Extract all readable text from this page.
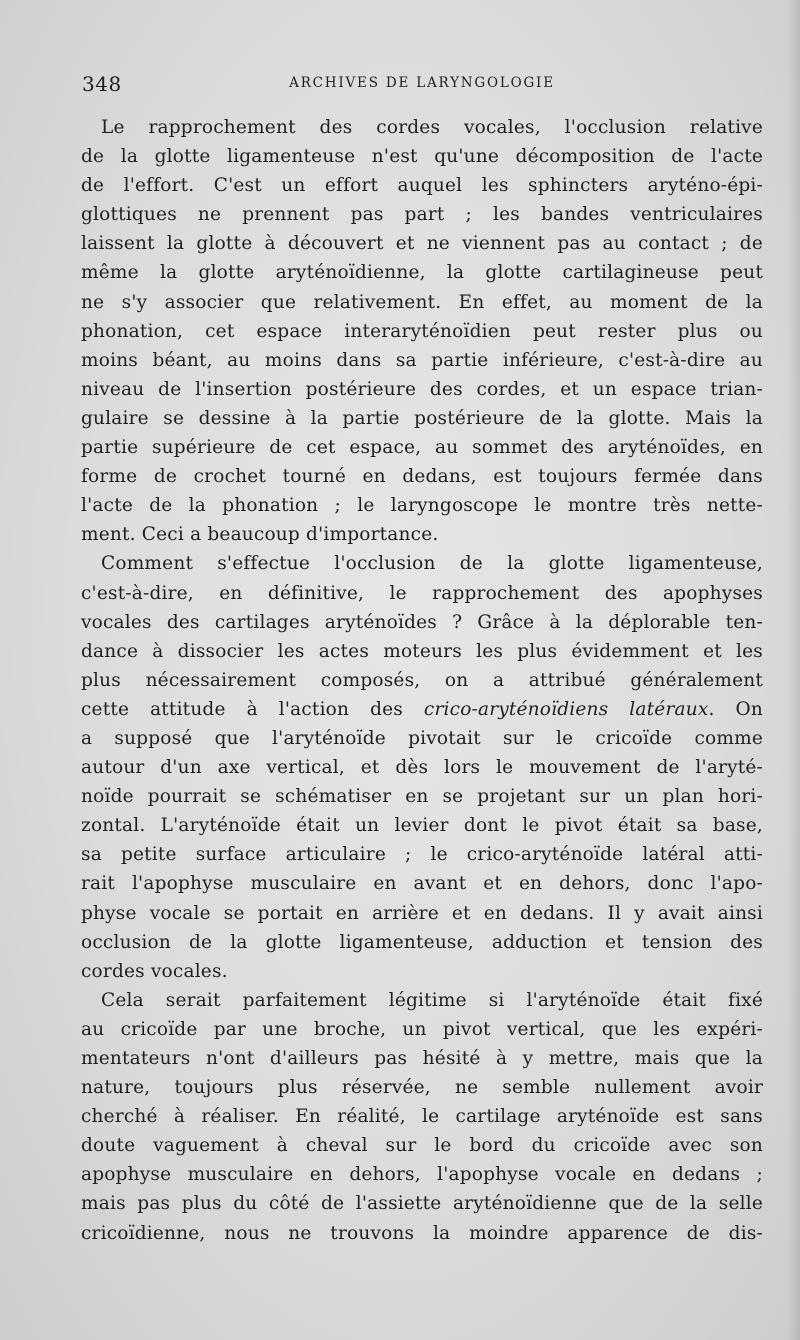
348	ARCHIVES DE LARYNGOLOGIE
Le rapprochement des cordes vocales, l'occlusion relative
de la glotte ligamenteuse n'est qu'une décomposition de l'acte
de l'effort. C'est un effort auquel les sphincters aryténo-épi-
glottiques ne prennent pas part ; les bandes ventriculaires
laissent la glotte à découvert et ne viennent pas au contact ; de
même la glotte aryténoïdienne, la glotte cartilagineuse peut
ne s'y associer que relativement. En effet, au moment de la
phonation, cet espace interaryténoïdien peut rester plus ou
moins béant, au moins dans sa partie inférieure, c'est-à-dire au
niveau de l'insertion postérieure des cordes, et un espace trian-
gulaire se dessine à la partie postérieure de la glotte. Mais la
partie supérieure de cet espace, au sommet des aryténoïdes, en
forme de crochet tourné en dedans, est toujours fermée dans
l'acte de la phonation ; le laryngoscope le montre très nette-
ment. Ceci a beaucoup d'importance.
Comment s'effectue l'occlusion de la glotte ligamenteuse,
c'est-à-dire, en définitive, le rapprochement des apophyses
vocales des cartilages aryténoïdes ? Grâce à la déplorable ten-
dance à dissocier les actes moteurs les plus évidemment et les
plus nécessairement composés, on a attribué généralement
cette attitude à l'action des crico-aryténoïdiens latéraux. On
a supposé que l'aryténoïde pivotait sur le cricoïde comme
autour d'un axe vertical, et dès lors le mouvement de l'aryté-
noïde pourrait se schématiser en se projetant sur un plan hori-
zontal. L'aryténoïde était un levier dont le pivot était sa base,
sa petite surface articulaire ; le crico-aryténoïde latéral atti-
rait l'apophyse musculaire en avant et en dehors, donc l'apo-
physe vocale se portait en arrière et en dedans. Il y avait ainsi
occlusion de la glotte ligamenteuse, adduction et tension des
cordes vocales.
Cela serait parfaitement légitime si l'aryténoïde était fixé
au cricoïde par une broche, un pivot vertical, que les expéri-
mentateurs n'ont d'ailleurs pas hésité à y mettre, mais que la
nature, toujours plus réservée, ne semble nullement avoir
cherché à réaliser. En réalité, le cartilage aryténoïde est sans
doute vaguement à cheval sur le bord du cricoïde avec son
apophyse musculaire en dehors, l'apophyse vocale en dedans ;
mais pas plus du côté de l'assiette aryténoïdienne que de la selle
cricoïdienne, nous ne trouvons la moindre apparence de dis-
